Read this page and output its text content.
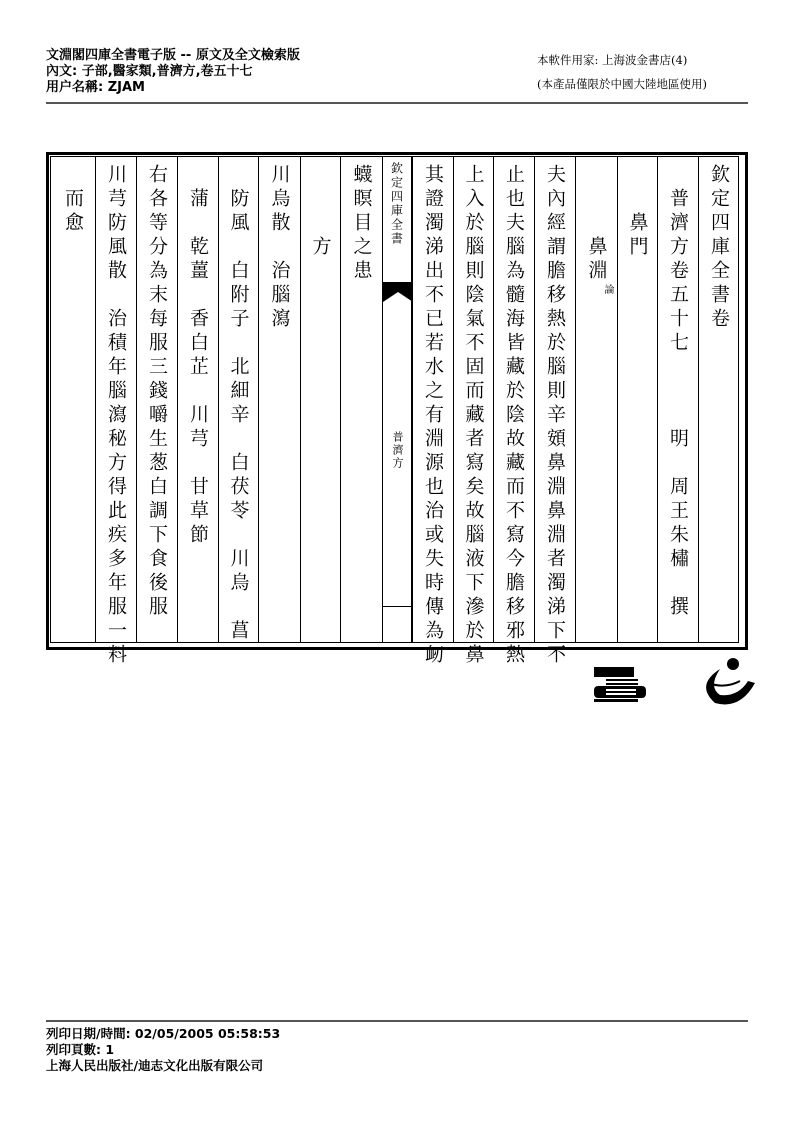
文淵閣四庫全書電子版 -- 原文及全文檢索版
內文: 子部,醫家類,普濟方,卷五十七
用户名稱: ZJAM
本軟件用家: 上海波金書店(4)
(本產品僅限於中國大陸地區使用)
欽定四庫全書卷
　普濟方卷五十七　　　明　周王朱橚　撰
　　鼻門
　　　鼻淵
論
夫內經謂膽移熱於腦則辛頞鼻淵鼻淵者濁涕下不
止也夫腦為髓海皆藏於陰故藏而不寫今膽移邪熱
上入於腦則陰氣不固而藏者寫矣故腦液下滲於鼻
其證濁涕出不已若水之有淵源也治或失時傳為衂
欽定四庫全書
普濟方
蠛瞑目之患
　　　方
川烏散　治腦瀉
　防風　白附子　北細辛　白茯苓　川烏　菖
　蒲　乾薑　香白芷　川芎　甘草節
右各等分為末每服三錢嚼生葱白調下食後服
川芎防風散　治積年腦瀉秘方得此疾多年服一料
　而愈
列印日期/時間: 02/05/2005 05:58:53
列印頁數: 1
上海人民出版社/迪志文化出版有限公司
